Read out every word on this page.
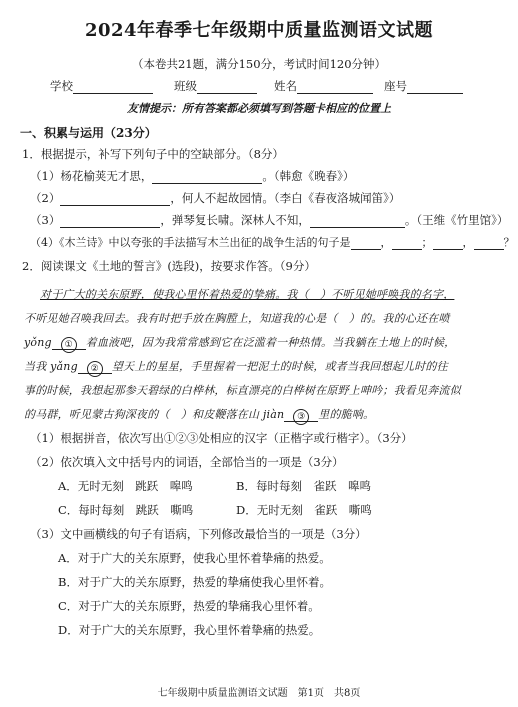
2024年春季七年级期中质量监测语文试题
（本卷共21题，满分150分，考试时间120分钟）
学校	班级	姓名	座号
友情提示：所有答案都必须填写到答题卡相应的位置上
一、积累与运用（23分）
1．根据提示，补写下列句子中的空缺部分。（8分）
（1）杨花榆荚无才思，	。（韩愈《晚春》）
（2）	，何人不起故园情。（李白《春夜洛城闻笛》）
（3）	，弹琴复长啸。深林人不知，	。（王维《竹里馆》）
（4）《木兰诗》中以夸张的手法描写木兰出征的战争生活的句子是	，	；	，	？
2．阅读课文《土地的誓言》(选段)，按要求作答。（9分）
对于广大的关东原野，使我心里怀着热爱的挚痛。我（　）不听见她呼唤我的名字，
不听见她召唤我回去。我有时把手放在胸膛上，知道我的心是（　）的。我的心还在喷
yǒng ① 着血液吧，因为我常常感到它在泛滥着一种热情。当我躺在土地上的时候，
当我 yǎng ② 望天上的星星，手里握着一把泥土的时候，或者当我回想起儿时的往
事的时候，我想起那参天碧绿的白桦林，标直漂亮的白桦树在原野上呻吟；我看见奔流似
的马群，听见蒙古狗深夜的（　）和皮鞭落在山 jiàn ③ 里的脆响。
（1）根据拼音，依次写出①②③处相应的汉字（正楷字或行楷字）。（3分）
（2）依次填入文中括号内的词语，全部恰当的一项是（3分）
A．无时无刻　跳跃　嗥鸣	B．每时每刻　雀跃　嗥鸣
C．每时每刻　跳跃　嘶鸣	D．无时无刻　雀跃　嘶鸣
（3）文中画横线的句子有语病，下列修改最恰当的一项是（3分）
A．对于广大的关东原野，使我心里怀着挚痛的热爱。
B．对于广大的关东原野，热爱的挚痛使我心里怀着。
C．对于广大的关东原野，热爱的挚痛我心里怀着。
D．对于广大的关东原野，我心里怀着挚痛的热爱。
七年级期中质量监测语文试题　第1页　共8页
